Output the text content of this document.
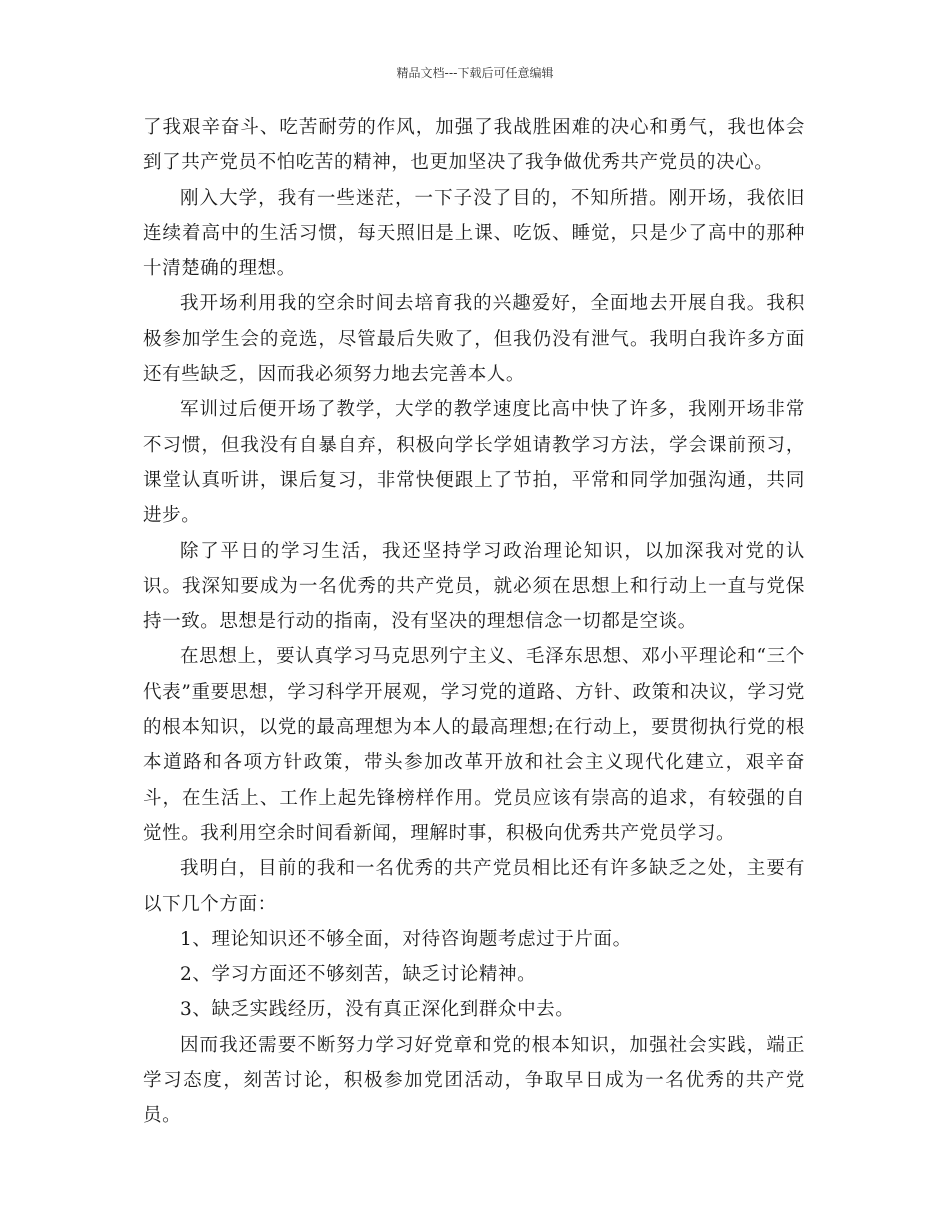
精品文档---下载后可任意编辑

了我艰辛奋斗、吃苦耐劳的作风，加强了我战胜困难的决心和勇气，我也体会到了共产党员不怕吃苦的精神，也更加坚决了我争做优秀共产党员的决心。

刚入大学，我有一些迷茫，一下子没了目的，不知所措。刚开场，我依旧连续着高中的生活习惯，每天照旧是上课、吃饭、睡觉，只是少了高中的那种十清楚确的理想。

我开场利用我的空余时间去培育我的兴趣爱好，全面地去开展自我。我积极参加学生会的竞选，尽管最后失败了，但我仍没有泄气。我明白我许多方面还有些缺乏，因而我必须努力地去完善本人。

军训过后便开场了教学，大学的教学速度比高中快了许多，我刚开场非常不习惯，但我没有自暴自弃，积极向学长学姐请教学习方法，学会课前预习，课堂认真听讲，课后复习，非常快便跟上了节拍，平常和同学加强沟通，共同进步。

除了平日的学习生活，我还坚持学习政治理论知识，以加深我对党的认识。我深知要成为一名优秀的共产党员，就必须在思想上和行动上一直与党保持一致。思想是行动的指南，没有坚决的理想信念一切都是空谈。

在思想上，要认真学习马克思列宁主义、毛泽东思想、邓小平理论和“三个代表”重要思想，学习科学开展观，学习党的道路、方针、政策和决议，学习党的根本知识，以党的最高理想为本人的最高理想;在行动上，要贯彻执行党的根本道路和各项方针政策，带头参加改革开放和社会主义现代化建立，艰辛奋斗，在生活上、工作上起先锋榜样作用。党员应该有崇高的追求，有较强的自觉性。我利用空余时间看新闻，理解时事，积极向优秀共产党员学习。

我明白，目前的我和一名优秀的共产党员相比还有许多缺乏之处，主要有以下几个方面：

1、理论知识还不够全面，对待咨询题考虑过于片面。

2、学习方面还不够刻苦，缺乏讨论精神。

3、缺乏实践经历，没有真正深化到群众中去。

因而我还需要不断努力学习好党章和党的根本知识，加强社会实践，端正学习态度，刻苦讨论，积极参加党团活动，争取早日成为一名优秀的共产党员。
